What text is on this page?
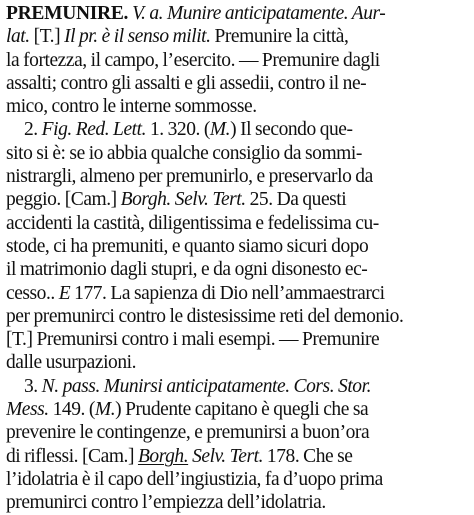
PREMUNIRE. V. a. Munire anticipatamente. Aur-
lat. [T.] Il pr. è il senso milit. Premunire la città,
la fortezza, il campo, l’esercito. — Premunire dagli
assalti; contro gli assalti e gli assedii, contro il ne-
mico, contro le interne sommosse.
2. Fig. Red. Lett. 1. 320. (M.) Il secondo que-
sito si è: se io abbia qualche consiglio da sommi-
nistrargli, almeno per premunirlo, e preservarlo da
peggio. [Cam.] Borgh. Selv. Tert. 25. Da questi
accidenti la castità, diligentissima e fedelissima cu-
stode, ci ha premuniti, e quanto siamo sicuri dopo
il matrimonio dagli stupri, e da ogni disonesto ec-
cesso.. E 177. La sapienza di Dio nell’ammaestrarci
per premunirci contro le distesissime reti del demonio.
[T.] Premunirsi contro i mali esempi. — Premunire
dalle usurpazioni.
3. N. pass. Munirsi anticipatamente. Cors. Stor.
Mess. 149. (M.) Prudente capitano è quegli che sa
prevenire le contingenze, e premunirsi a buon’ora
di riflessi. [Cam.] Borgh. Selv. Tert. 178. Che se
l’idolatria è il capo dell’ingiustizia, fa d’uopo prima
premunirci contro l’empiezza dell’idolatria.
